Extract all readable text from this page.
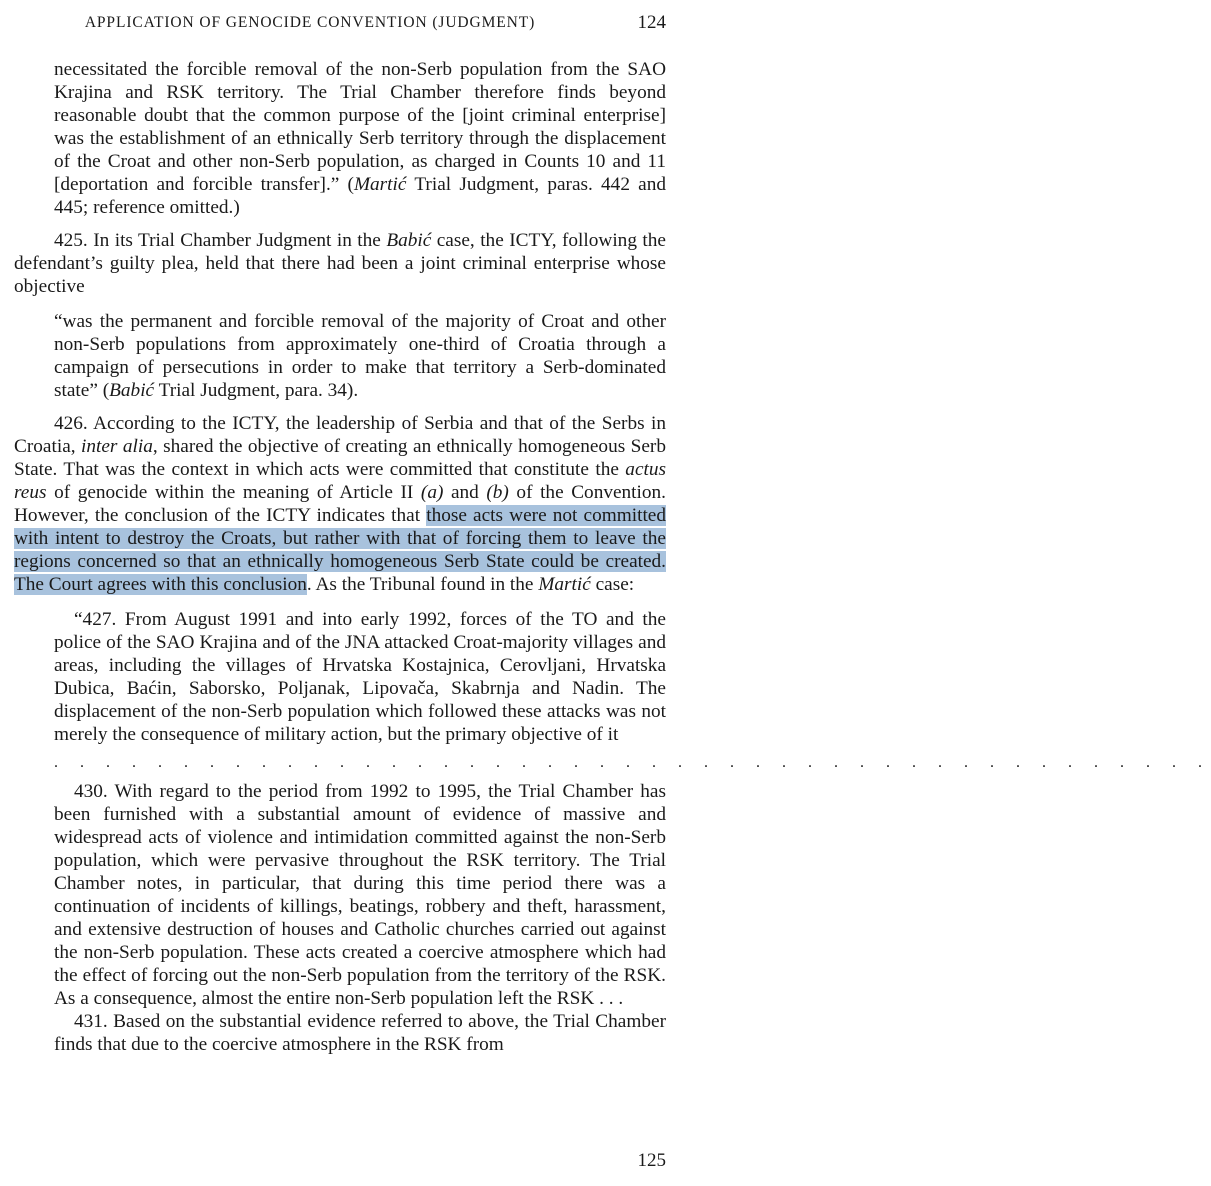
APPLICATION OF GENOCIDE CONVENTION (JUDGMENT)	124

necessitated the forcible removal of the non-Serb population from the SAO Krajina and RSK territory. The Trial Chamber therefore finds beyond reasonable doubt that the common purpose of the [joint criminal enterprise] was the establishment of an ethnically Serb territory through the displacement of the Croat and other non-Serb population, as charged in Counts 10 and 11 [deportation and forcible transfer].” (Martić Trial Judgment, paras. 442 and 445; reference omitted.)

425. In its Trial Chamber Judgment in the Babić case, the ICTY, following the defendant’s guilty plea, held that there had been a joint criminal enterprise whose objective

“was the permanent and forcible removal of the majority of Croat and other non-Serb populations from approximately one-third of Croatia through a campaign of persecutions in order to make that territory a Serb-dominated state” (Babić Trial Judgment, para. 34).

426. According to the ICTY, the leadership of Serbia and that of the Serbs in Croatia, inter alia, shared the objective of creating an ethnically homogeneous Serb State. That was the context in which acts were committed that constitute the actus reus of genocide within the meaning of Article II (a) and (b) of the Convention. However, the conclusion of the ICTY indicates that those acts were not committed with intent to destroy the Croats, but rather with that of forcing them to leave the regions concerned so that an ethnically homogeneous Serb State could be created. The Court agrees with this conclusion. As the Tribunal found in the Martić case:

“427. From August 1991 and into early 1992, forces of the TO and the police of the SAO Krajina and of the JNA attacked Croat-majority villages and areas, including the villages of Hrvatska Kostajnica, Cerovljani, Hrvatska Dubica, Baćin, Saborsko, Poljanak, Lipovača, Skabrnja and Nadin. The displacement of the non-Serb population which followed these attacks was not merely the consequence of military action, but the primary objective of it

. . . . . . . . . . . . . . . . . . . . . . . . . . . . . . . . . . . . . . . . . . . . .

430. With regard to the period from 1992 to 1995, the Trial Chamber has been furnished with a substantial amount of evidence of massive and widespread acts of violence and intimidation committed against the non-Serb population, which were pervasive throughout the RSK territory. The Trial Chamber notes, in particular, that during this time period there was a continuation of incidents of killings, beatings, robbery and theft, harassment, and extensive destruction of houses and Catholic churches carried out against the non-Serb population. These acts created a coercive atmosphere which had the effect of forcing out the non-Serb population from the territory of the RSK. As a consequence, almost the entire non-Serb population left the RSK . . .

431. Based on the substantial evidence referred to above, the Trial Chamber finds that due to the coercive atmosphere in the RSK from

125
